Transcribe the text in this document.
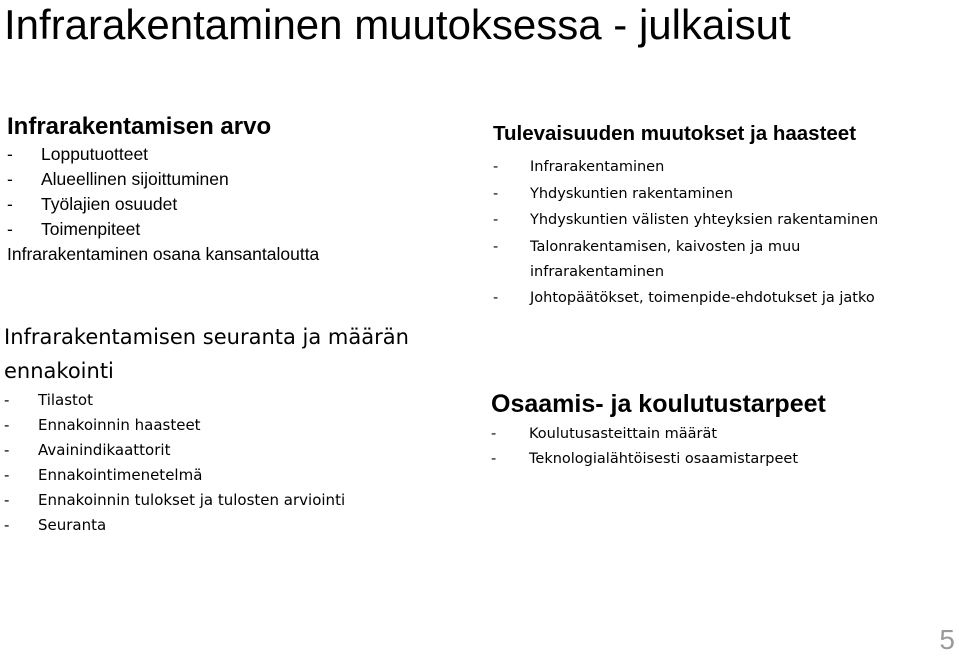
Infrarakentaminen muutoksessa - julkaisut
Infrarakentamisen arvo
-	Lopputuotteet
-	Alueellinen sijoittuminen
-	Työlajien osuudet
-	Toimenpiteet
Infrarakentaminen osana kansantaloutta
Infrarakentamisen seuranta ja määrän ennakointi
-	Tilastot
-	Ennakoinnin haasteet
-	Avainindikaattorit
-	Ennakointimenetelmä
-	Ennakoinnin tulokset ja tulosten arviointi
-	Seuranta
Tulevaisuuden muutokset ja haasteet
-	Infrarakentaminen
-	Yhdyskuntien rakentaminen
-	Yhdyskuntien välisten yhteyksien rakentaminen
-	Talonrakentamisen, kaivosten ja muu infrarakentaminen
-	Johtopäätökset, toimenpide-ehdotukset ja jatko
Osaamis- ja koulutustarpeet
-	Koulutusasteittain määrät
-	Teknologialähtöisesti osaamistarpeet
5
